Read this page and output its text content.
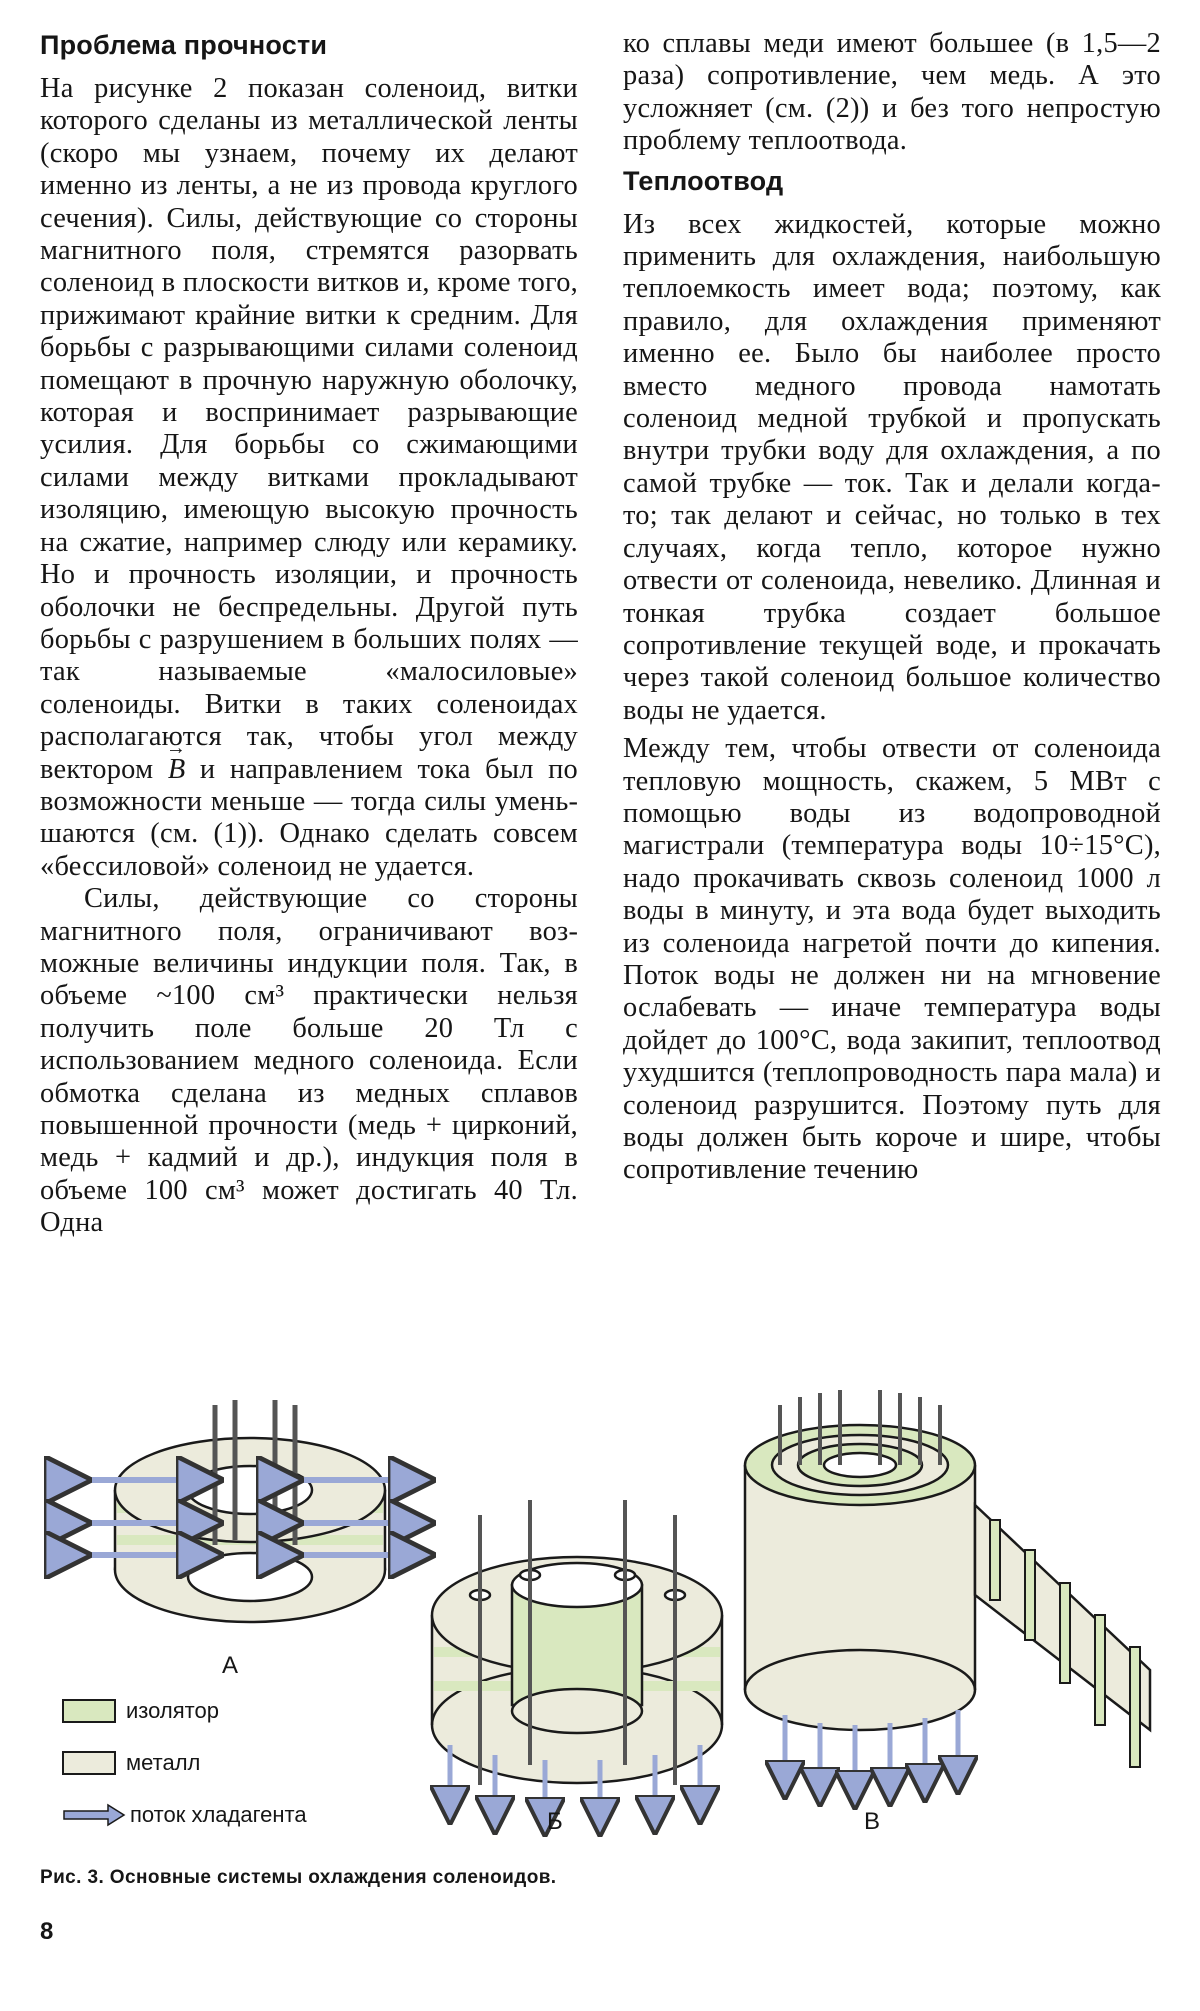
Проблема прочности

На рисунке 2 показан соленоид, витки которого сделаны из металлической ленты (скоро мы узнаем, почему их делают именно из ленты, а не из провода круглого сечения). Силы, действующие со стороны магнитного поля, стремятся разорвать соленоид в плоскости витков и, кроме того, прижимают крайние витки к средним. Для борьбы с разрывающими силами соленоид помещают в прочную наружную оболочку, которая и воспринимает разрывающие усилия. Для борьбы со сжимающими силами между витками прокладывают изоляцию, имеющую высокую прочность на сжатие, например слюду или керамику. Но и прочность изоляции, и прочность оболочки не беспредельны. Другой путь борьбы с разрушением в больших полях — так называемые «малосиловые» соленоиды. Витки в таких соленоидах располагаются так, чтобы угол между вектором → B и направлением тока был по возможности меньше — тогда силы уменьшаются (см. (1)). Однако сделать совсем «бессиловой» соленоид не удается.

Силы, действующие со стороны магнитного поля, ограничивают возможные величины индукции поля. Так, в объеме ~100 см³ практически нельзя получить поле больше 20 Тл с использованием медного соленоида. Если обмотка сделана из медных сплавов повышенной прочности (медь + цирконий, медь + кадмий и др.), индукция поля в объеме 100 см³ может достигать 40 Тл. Одна

ко сплавы меди имеют большее (в 1,5—2 раза) сопротивление, чем медь. А это усложняет (см. (2)) и без того непростую проблему теплоотвода.

Теплоотвод

Из всех жидкостей, которые можно применить для охлаждения, наибольшую теплоемкость имеет вода; поэтому, как правило, для охлаждения применяют именно ее. Было бы наиболее просто вместо медного провода намотать соленоид медной трубкой и пропускать внутри трубки воду для охлаждения, а по самой трубке — ток. Так и делали когда-то; так делают и сейчас, но только в тех случаях, когда тепло, которое нужно отвести от соленоида, невелико. Длинная и тонкая трубка создает большое сопротивление текущей воде, и прокачать через такой соленоид большое количество воды не удается.

Между тем, чтобы отвести от соленоида тепловую мощность, скажем, 5 МВт с помощью воды из водопроводной магистрали (температура воды 10÷15°С), надо прокачивать сквозь соленоид 1000 л воды в минуту, и эта вода будет выходить из соленоида нагретой почти до кипения. Поток воды не должен ни на мгновение ослабевать — иначе температура воды дойдет до 100°С, вода закипит, теплоотвод ухудшится (теплопроводность пара мала) и соленоид разрушится. Поэтому путь для воды должен быть короче и шире, чтобы сопротивление течению

А
Б	В
изолятор
металл
поток хладагента
Рис. 3. Основные системы охлаждения соленоидов.
8
